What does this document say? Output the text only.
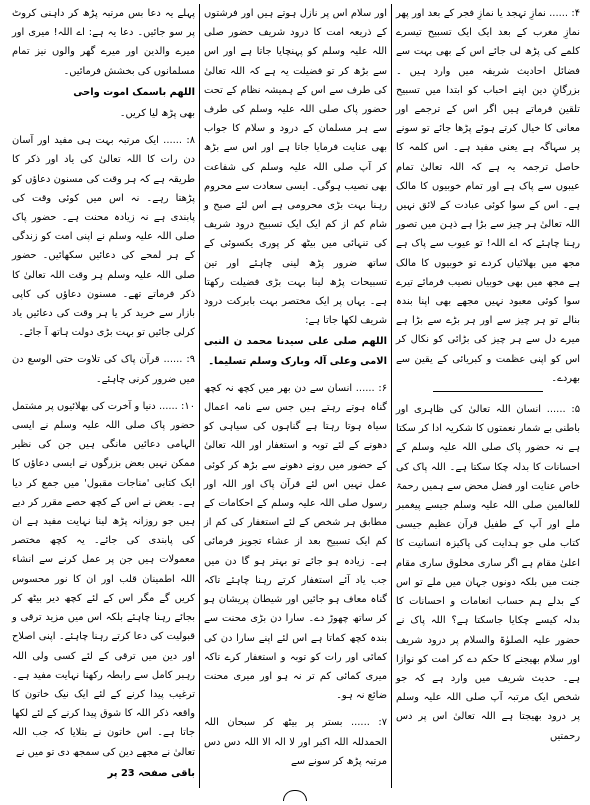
۴: ...... نمازِ تہجد یا نمازِ فجر کے بعد اور پھر نمازِ مغرب کے بعد ایک ایک تسبیح تیسرے کلمے کی پڑھ لی جائے اس کے بھی بہت سے فضائل احادیث شریفہ میں وارد ہیں ۔ بزرگانِ دین اپنے احباب کو ابتدا میں تسبیح تلقین فرماتے ہیں اگر اس کے ترجمے اور معانی کا خیال کرتے ہوئے پڑھا جائے تو سونے پر سہاگہ ہے یعنی مفید ہے۔ اس کلمہ کا حاصل ترجمہ یہ ہے کہ اللہ تعالیٰ تمام عیبوں سے پاک ہے اور تمام خوبیوں کا مالک ہے۔ اس کے سوا کوئی عبادت کے لائق نہیں اللہ تعالیٰ ہر چیز سے بڑا ہے ذہن میں تصور رہنا چاہئے کہ اے اللہ! تو عیوب سے پاک ہے مجھ میں بھلائیاں کردے تو خوبیوں کا مالک ہے مجھ میں بھی خوبیاں نصیب فرمائے تیرے سوا کوئی معبود نہیں مجھے بھی اپنا بندہ بنالے تو ہر چیز سے اور ہر بڑے سے بڑا ہے میرے دل سے ہر چیز کی بڑائی کو نکال کر اس کو اپنی عظمت و کبریائی کے یقین سے بھردے۔

۵: ...... انسان اللہ تعالیٰ کی ظاہری اور باطنی بے شمار نعمتوں کا شکریہ ادا کر سکتا ہے نہ حضور پاک صلی اللہ علیہ وسلم کے احسانات کا بدلہ چکا سکتا ہے۔ اللہ پاک کی خاص عنایت اور فضل محض سے ہمیں رحمۃ للعالمین صلی اللہ علیہ وسلم جیسے پیغمبر ملے اور آپ کے طفیل قرآن عظیم جیسی کتاب ملی جو ہدایت کی پاکیزہ انسانیت کا اعلیٰ مقام ہے اگر ساری مخلوق ساری مقام جنت میں بلکہ دونوں جہان میں ملے تو اس کے بدلے ہم حساب انعامات و احسانات کا بدلہ کیسے چکایا جاسکتا ہے؟ اللہ پاک نے حضور علیہ الصلوٰۃ والسلام پر درود شریف اور سلام بھیجنے کا حکم دے کر امت کو نوازا ہے۔ حدیث شریف میں وارد ہے کہ جو شخص ایک مرتبہ آپ صلی اللہ علیہ وسلم پر درود بھیجتا ہے اللہ تعالیٰ اس پر دس رحمتیں

اور سلام اس پر نازل ہوتے ہیں اور فرشتوں کے ذریعہ امت کا درود شریف حضور صلی اللہ علیہ وسلم کو پہنچایا جاتا ہے اور اس سے بڑھ کر تو فضیلت یہ ہے کہ اللہ تعالیٰ کی طرف سے اس کے ہمیشہ نظام کے تحت حضور پاک صلی اللہ علیہ وسلم کی طرف سے ہر مسلمان کے درود و سلام کا جواب بھی عنایت فرمایا جاتا ہے اور اس سے بڑھ کر آپ صلی اللہ علیہ وسلم کی شفاعت بھی نصیب ہوگی۔ ایسی سعادت سے محروم رہنا بہت بڑی محرومی ہے اس لئے صبح و شام کم از کم ایک ایک تسبیح درود شریف کی تنہائی میں بیٹھ کر پوری یکسوئی کے ساتھ ضرور پڑھ لینی چاہئے اور تین تسبیحات پڑھ لینا بہت بڑی فضیلت رکھتا ہے۔ یہاں پر ایک مختصر بہت بابرکت درود شریف لکھا جاتا ہے:

اللھم صلی علی سیدنا محمد ن النبی الامی وعلی آلہ وبارک وسلم تسلیما۔

۶: ...... انسان سے دن بھر میں کچھ نہ کچھ گناہ ہوتے رہتے ہیں جس سے نامہ اعمال سیاہ ہوتا رہتا ہے گناہوں کی سیاہی کو دھونے کے لئے توبہ و استغفار اور اللہ تعالیٰ کے حضور میں رونے دھونے سے بڑھ کر کوئی عمل نہیں اس لئے قرآن پاک اور اللہ اور رسول صلی اللہ علیہ وسلم کے احکامات کے مطابق ہر شخص کے لئے استغفار کی کم از کم ایک تسبیح بعد از عشاء تجویز فرمائی ہے۔ زیادہ ہو جائے تو بہتر ہو گا دن میں جب یاد آئے استغفار کرتے رہنا چاہئے تاکہ گناہ معاف ہو جائیں اور شیطان پریشان ہو کر ساتھ چھوڑ دے۔ سارا دن بڑی محنت سے بندہ کچھ کماتا ہے اس لئے اپنے سارا دن کی کمائی اور رات کو توبہ و استغفار کرے تاکہ میری کمائی کم تر نہ ہو اور میری محنت ضائع نہ ہو۔

۷: ...... بستر پر بیٹھ کر سبحان اللہ الحمدللہ اللہ اکبر اور لا الہ الا اللہ دس دس مرتبہ پڑھ کر سونے سے

پہلے یہ دعا بس مرتبہ پڑھ کر داہنی کروٹ پر سو جائیں۔ دعا یہ ہے: اے اللہ! میری اور میرے والدین اور میرے گھر والوں نیز تمام مسلمانوں کی بخشش فرمائیں۔

اللھم باسمک اموت واحی

بھی پڑھ لیا کریں۔

۸: ...... ایک مرتبہ بہت ہی مفید اور آسان دن رات کا اللہ تعالیٰ کی یاد اور ذکر کا طریقہ ہے کہ ہر وقت کی مسنون دعاؤں کو پڑھتا رہے۔ نہ اس میں کوئی وقت کی پابندی ہے نہ زیادہ محنت ہے۔ حضور پاک صلی اللہ علیہ وسلم نے اپنی امت کو زندگی کے ہر لمحے کی دعائیں سکھائیں۔ حضور صلی اللہ علیہ وسلم ہر وقت اللہ تعالیٰ کا ذکر فرماتے تھے۔ مسنون دعاؤں کی کاپی بازار سے خرید کر یا ہر وقت کی دعائیں یاد کرلی جائیں تو بہت بڑی دولت ہاتھ آ جائے۔

۹: ...... قرآن پاک کی تلاوت حتی الوسع دن میں ضرور کرنی چاہئے۔

۱۰: ...... دنیا و آخرت کی بھلائیوں پر مشتمل حضور پاک صلی اللہ علیہ وسلم نے ایسی الہامی دعائیں مانگی ہیں جن کی نظیر ممکن نہیں بعض بزرگوں نے ایسی دعاؤں کا ایک کتابی 'مناجات مقبول' میں جمع کر دیا ہے۔ بعض نے اس کے کچھ حصے مقرر کر دیے ہیں جو روزانہ پڑھ لینا نہایت مفید ہے ان کی پابندی کی جائے۔ یہ کچھ مختصر معمولات ہیں جن پر عمل کرنے سے انشاء اللہ اطمینان قلب اور ان کا نور محسوس کریں گے مگر اس کے لئے کچھ دیر بیٹھ کر بجائے رہنا چاہئے بلکہ اس میں مزید ترقی و قبولیت کی دعا کرتے رہنا چاہئے۔ اپنی اصلاح اور دین میں ترقی کے لئے کسی ولی اللہ رہبر کامل سے رابطہ رکھنا نہایت مفید ہے۔ ترغیب پیدا کرنے کے لئے ایک نیک خاتون کا واقعہ ذکر اللہ کا شوق پیدا کرنے کے لئے لکھا جاتا ہے۔ اس خاتون نے بتلایا کہ جب اللہ تعالیٰ نے مجھے دین کی سمجھ دی تو میں نے

باقی صفحہ 23 پر
